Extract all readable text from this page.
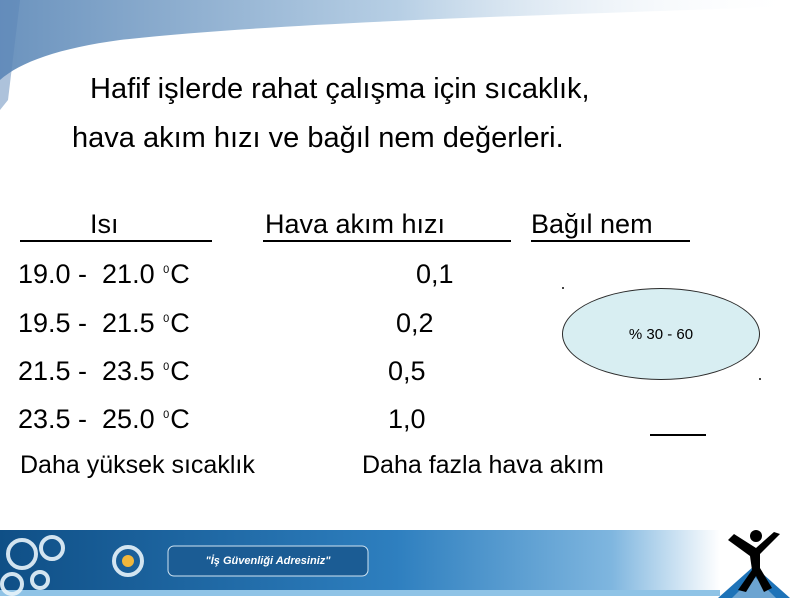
Hafif işlerde rahat çalışma için sıcaklık,
hava akım hızı ve bağıl nem değerleri.
Isı	Hava akım hızı	Bağıl nem
19.0 -  21.0 $^0$C	0,1
19.5 -  21.5 $^0$C	0,2
21.5 -  23.5 $^0$C	0,5
23.5 -  25.0 $^0$C	1,0
% 30 - 60
Daha yüksek sıcaklık	Daha fazla hava akım
"İş Güvenliği Adresiniz"
